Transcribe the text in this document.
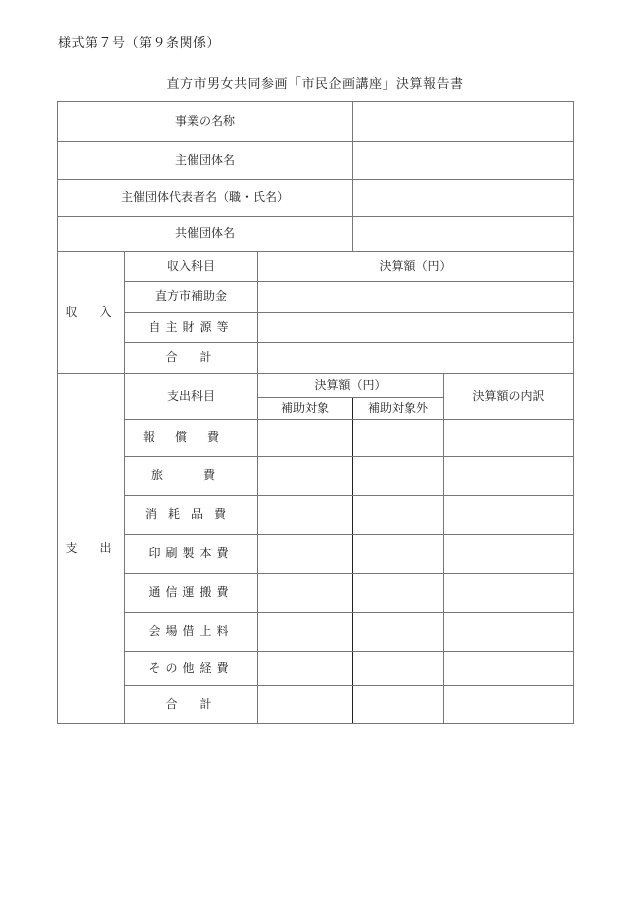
様式第７号（第９条関係）
直方市男女共同参画「市民企画講座」決算報告書
事業の名称				
主催団体名				
主催団体代表者名（職・氏名）				
共催団体名				
収　入	収入科目	決算額（円）		
	直方市補助金			
	自主財源等			
	合　計			
支　出	支出科目	決算額（円）		決算額の内訳
		補助対象	補助対象外	
	報償費			
	旅費			
	消耗品費			
	印刷製本費			
	通信運搬費			
	会場借上料			
	その他経費			
	合　計			
